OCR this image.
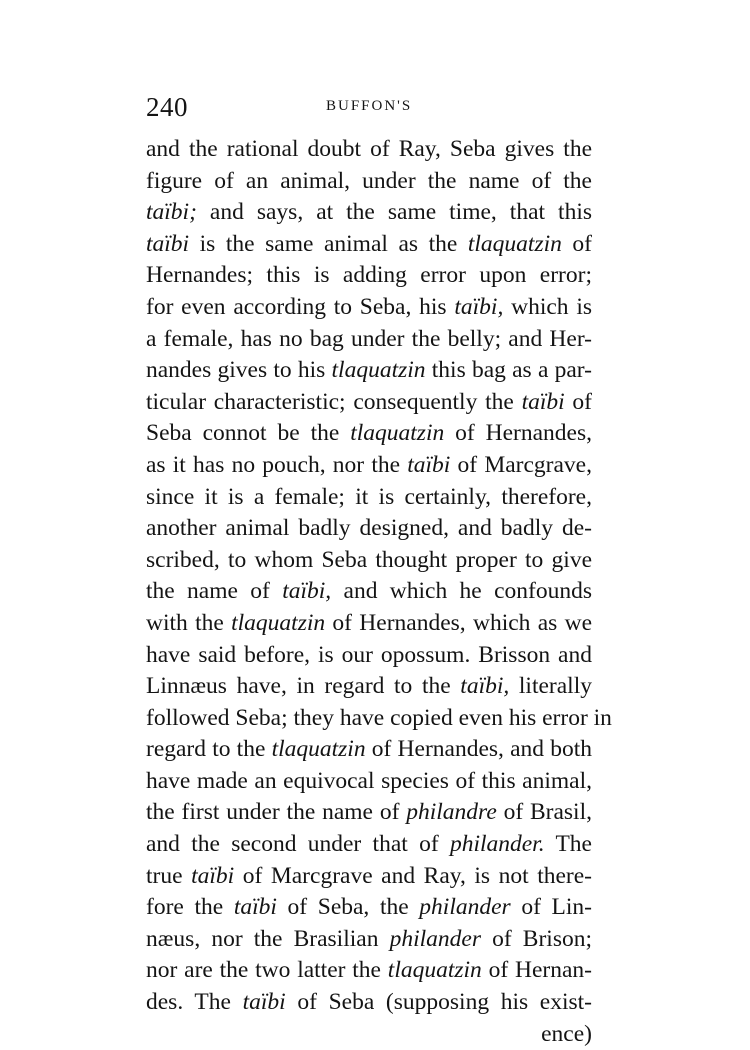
240	BUFFON'S
and the rational doubt of Ray, Seba gives the
figure of an animal, under the name of the
taïbi; and says, at the same time, that this
taïbi is the same animal as the tlaquatzin of
Hernandes; this is adding error upon error;
for even according to Seba, his taïbi, which is
a female, has no bag under the belly; and Her-
nandes gives to his tlaquatzin this bag as a par-
ticular characteristic; consequently the taïbi of
Seba connot be the tlaquatzin of Hernandes,
as it has no pouch, nor the taïbi of Marcgrave,
since it is a female; it is certainly, therefore,
another animal badly designed, and badly de-
scribed, to whom Seba thought proper to give
the name of taïbi, and which he confounds
with the tlaquatzin of Hernandes, which as we
have said before, is our opossum. Brisson and
Linnæus have, in regard to the taïbi, literally
followed Seba; they have copied even his error in
regard to the tlaquatzin of Hernandes, and both
have made an equivocal species of this animal,
the first under the name of philandre of Brasil,
and the second under that of philander. The
true taïbi of Marcgrave and Ray, is not there-
fore the taïbi of Seba, the philander of Lin-
næus, nor the Brasilian philander of Brison;
nor are the two latter the tlaquatzin of Hernan-
des. The taïbi of Seba (supposing his exist-
ence)
